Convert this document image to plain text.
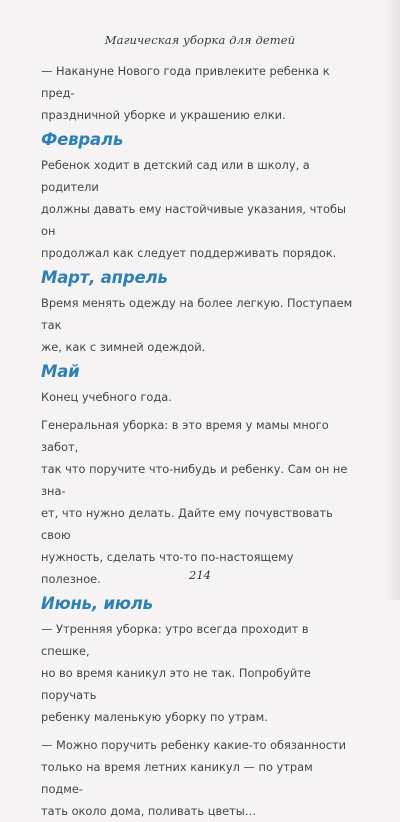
Магическая уборка для детей

— Накануне Нового года привлеките ребенка к пред-

праздничной уборке и украшению елки.

Февраль

Ребенок ходит в детский сад или в школу, а родители

должны давать ему настойчивые указания, чтобы он

продолжал как следует поддерживать порядок.

Март, апрель

Время менять одежду на более легкую. Поступаем так

же, как с зимней одеждой.

Май

Конец учебного года.

Генеральная уборка: в это время у мамы много забот,

так что поручите что-нибудь и ребенку. Сам он не зна-

ет, что нужно делать. Дайте ему почувствовать свою

нужность, сделать что-то по-настоящему полезное.

Июнь, июль

— Утренняя уборка: утро всегда проходит в спешке,

но во время каникул это не так. Попробуйте поручать

ребенку маленькую уборку по утрам.

— Можно поручить ребенку какие-то обязанности

только на время летних каникул — по утрам подме-

тать около дома, поливать цветы…

214
